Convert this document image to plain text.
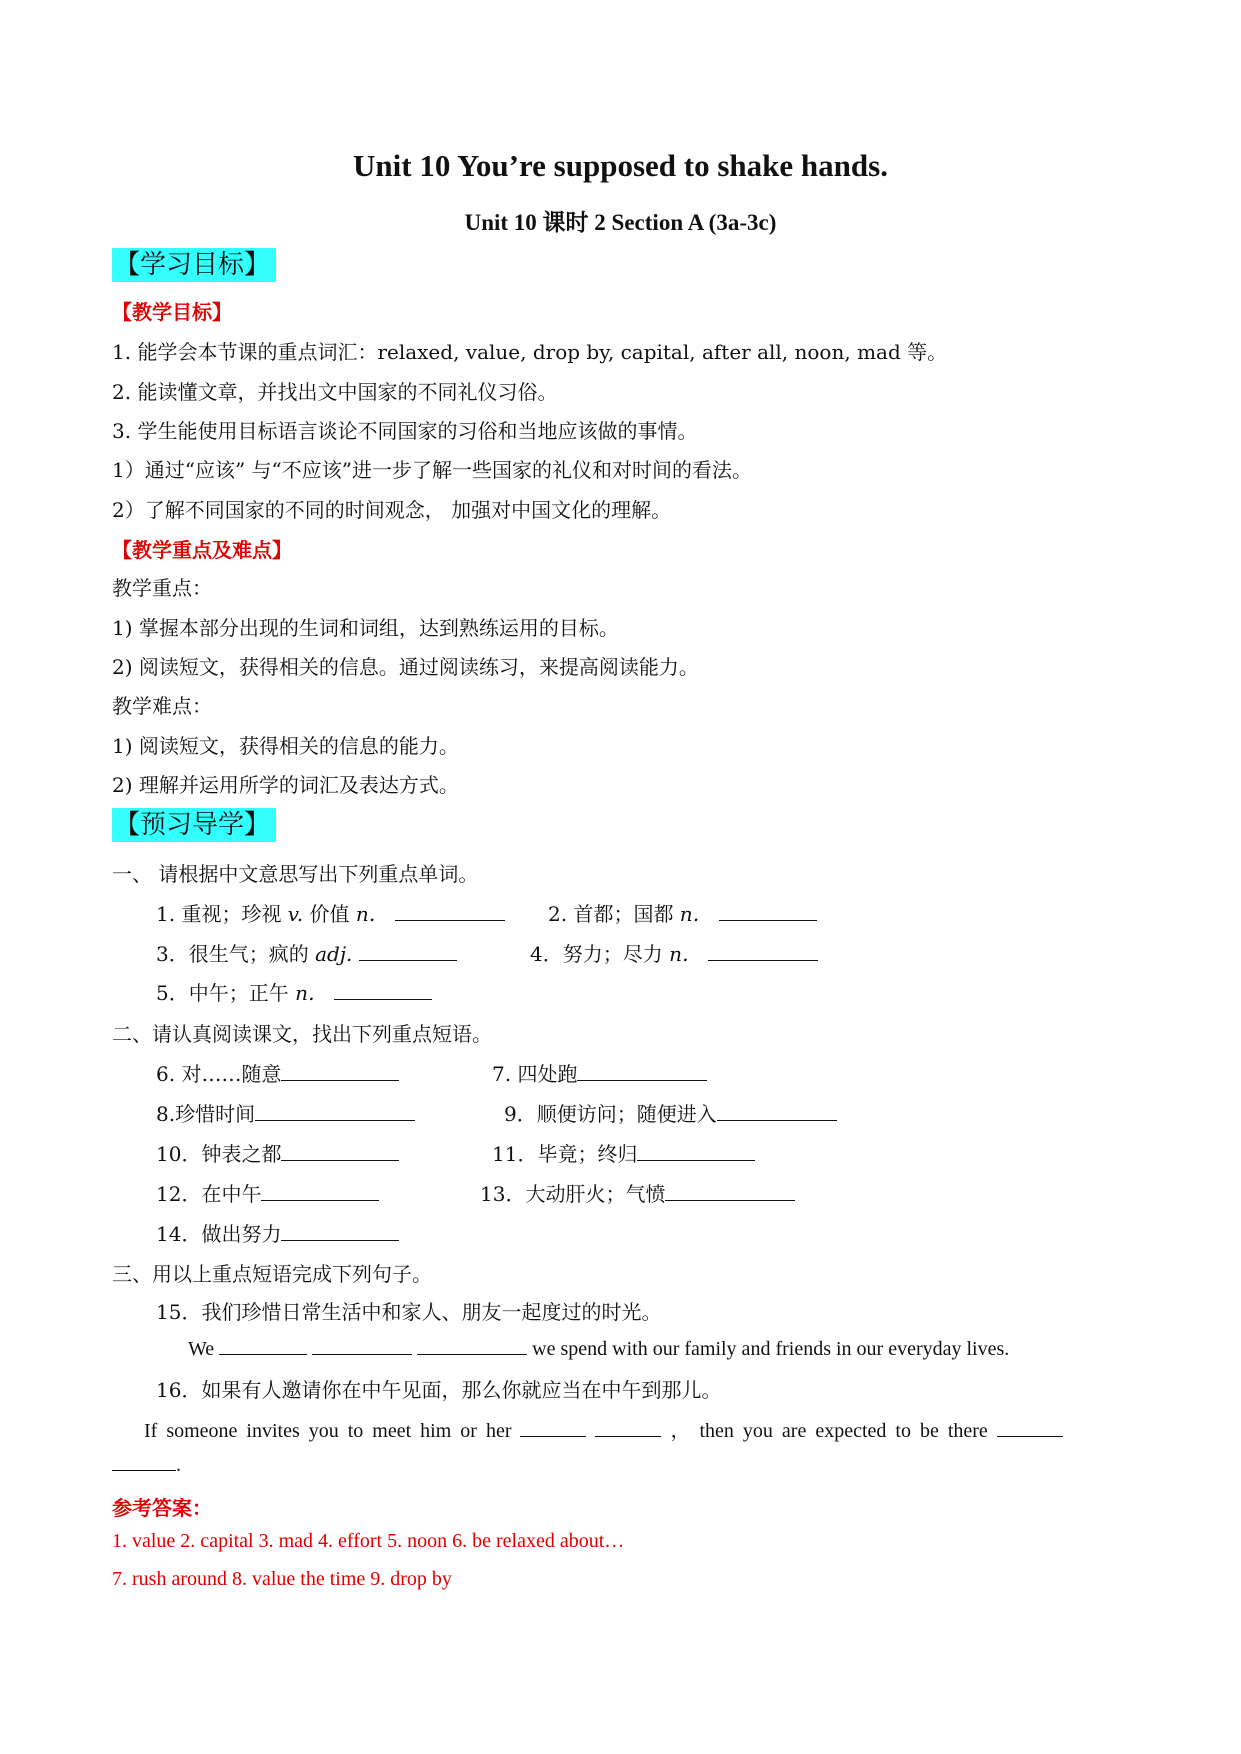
Unit 10 You’re supposed to shake hands.
Unit 10 课时 2 Section A (3a-3c)
【学习目标】
【教学目标】
1. 能学会本节课的重点词汇：relaxed, value, drop by, capital, after all, noon, mad 等。
2. 能读懂文章，并找出文中国家的不同礼仪习俗。
3. 学生能使用目标语言谈论不同国家的习俗和当地应该做的事情。
1）通过“应该” 与“不应该”进一步了解一些国家的礼仪和对时间的看法。
2）了解不同国家的不同的时间观念， 加强对中国文化的理解。
【教学重点及难点】
教学重点：
1) 掌握本部分出现的生词和词组，达到熟练运用的目标。
2) 阅读短文，获得相关的信息。通过阅读练习，来提高阅读能力。
教学难点：
1) 阅读短文，获得相关的信息的能力。
2) 理解并运用所学的词汇及表达方式。
【预习导学】
一、 请根据中文意思写出下列重点单词。
1. 重视；珍视 v. 价值 n．	2. 首都；国都 n．
3．很生气；疯的 adj.	4．努力；尽力 n．
5．中午；正午 n．
二、请认真阅读课文，找出下列重点短语。
6. 对……随意	7. 四处跑
8.珍惜时间	9．顺便访问；随便进入
10．钟表之都	11．毕竟；终归
12．在中午	13．大动肝火；气愤
14．做出努力
三、用以上重点短语完成下列句子。
15．我们珍惜日常生活中和家人、朋友一起度过的时光。
We	we spend with our family and friends in our everyday lives.
16．如果有人邀请你在中午见面，那么你就应当在中午到那儿。
If someone invites you to meet him or her	， then you are expected to be there
.
参考答案：
1. value 2. capital 3. mad 4. effort 5. noon 6. be relaxed about…
7. rush around 8. value the time 9. drop by
